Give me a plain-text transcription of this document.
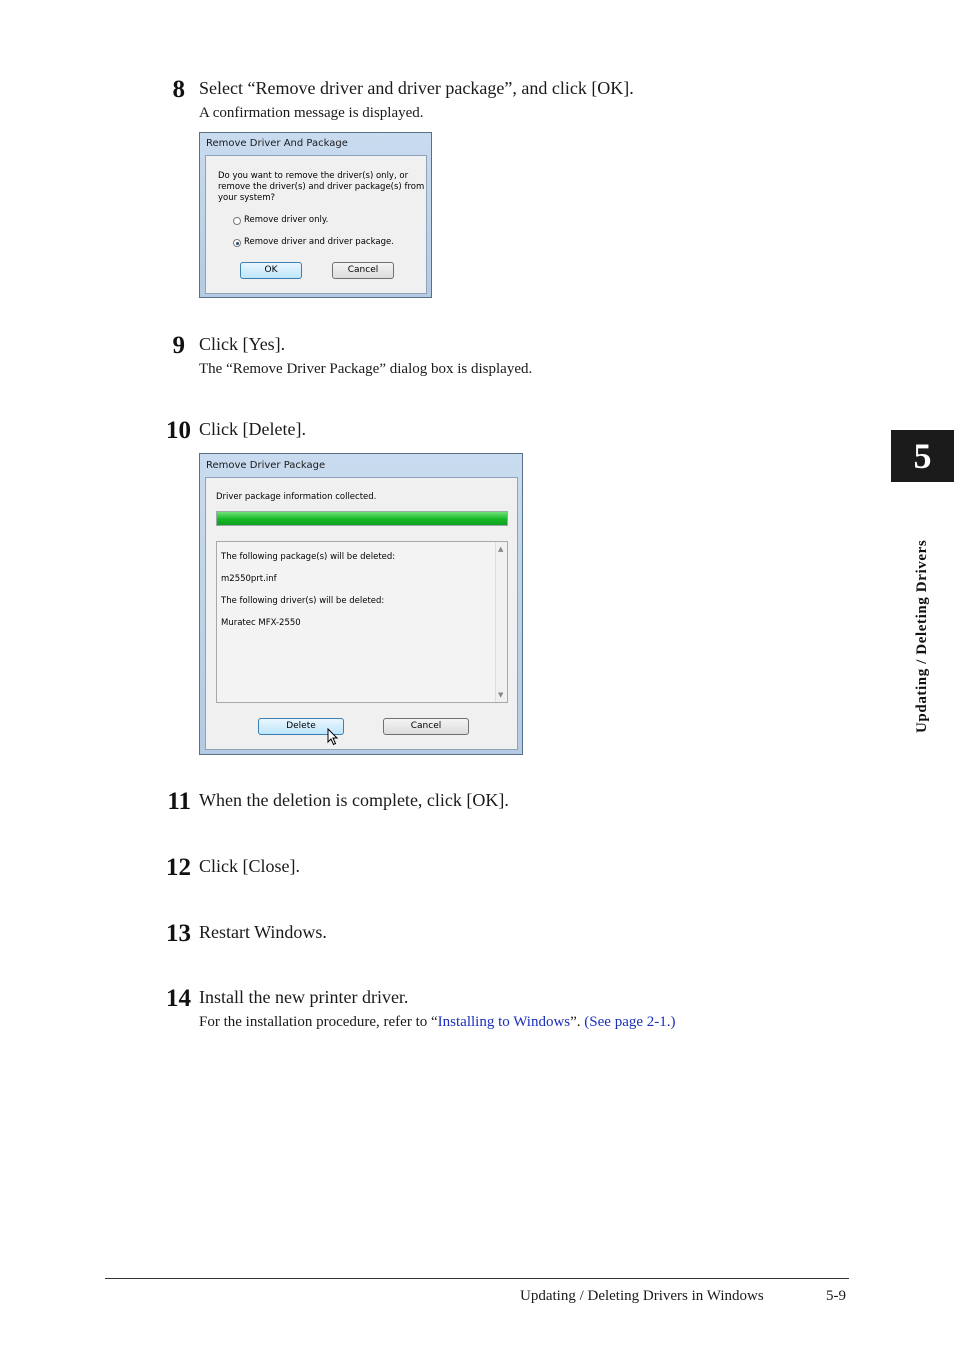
8 Select “Remove driver and driver package”, and click [OK].
A confirmation message is displayed.
Remove Driver And Package
Do you want to remove the driver(s) only, or
remove the driver(s) and driver package(s) from
your system?
Remove driver only.
Remove driver and driver package.
OK	Cancel
9 Click [Yes].
The “Remove Driver Package” dialog box is displayed.
10 Click [Delete].
Remove Driver Package
Driver package information collected.
The following package(s) will be deleted:
m2550prt.inf
The following driver(s) will be deleted:
Muratec MFX-2550
▲
▼
Delete	Cancel
11 When the deletion is complete, click [OK].
12 Click [Close].
13 Restart Windows.
14 Install the new printer driver.
For the installation procedure, refer to “Installing to Windows”. (See page 2-1.)
5
Updating / Deleting Drivers
Updating / Deleting Drivers in Windows	5-9
